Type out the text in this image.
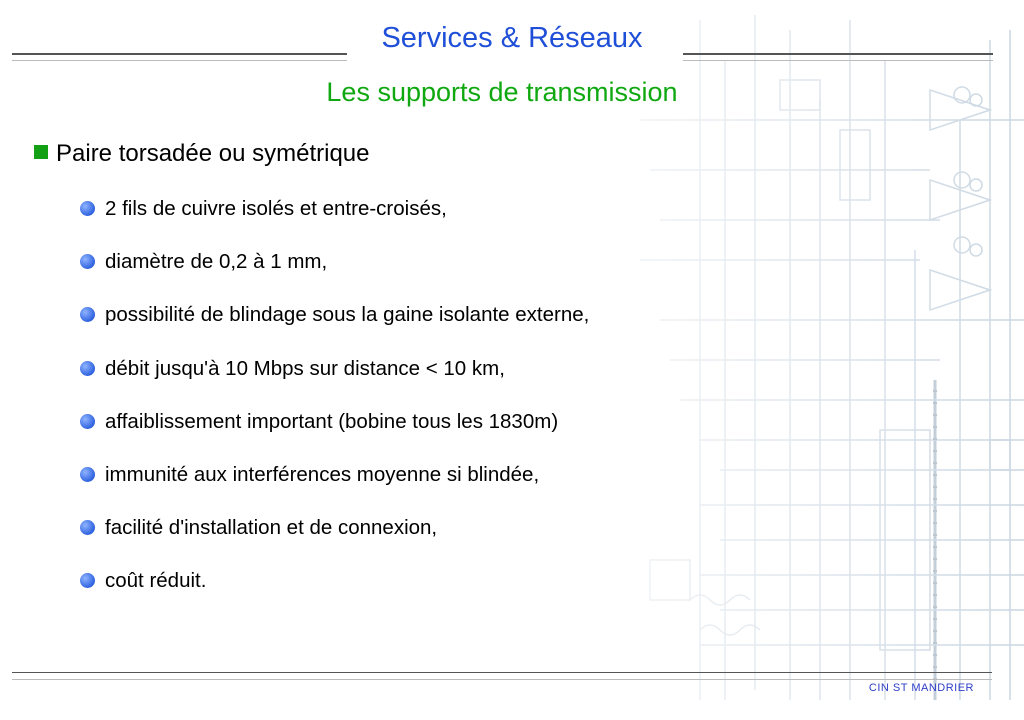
Services & Réseaux
Les supports de transmission
Paire torsadée ou symétrique
2 fils de cuivre isolés et entre-croisés,
diamètre de 0,2 à 1 mm,
possibilité de blindage sous la gaine isolante externe,
débit jusqu'à 10 Mbps sur distance < 10 km,
affaiblissement important (bobine tous les 1830m)
immunité aux interférences moyenne si blindée,
facilité d'installation et de connexion,
coût réduit.
CIN ST MANDRIER
